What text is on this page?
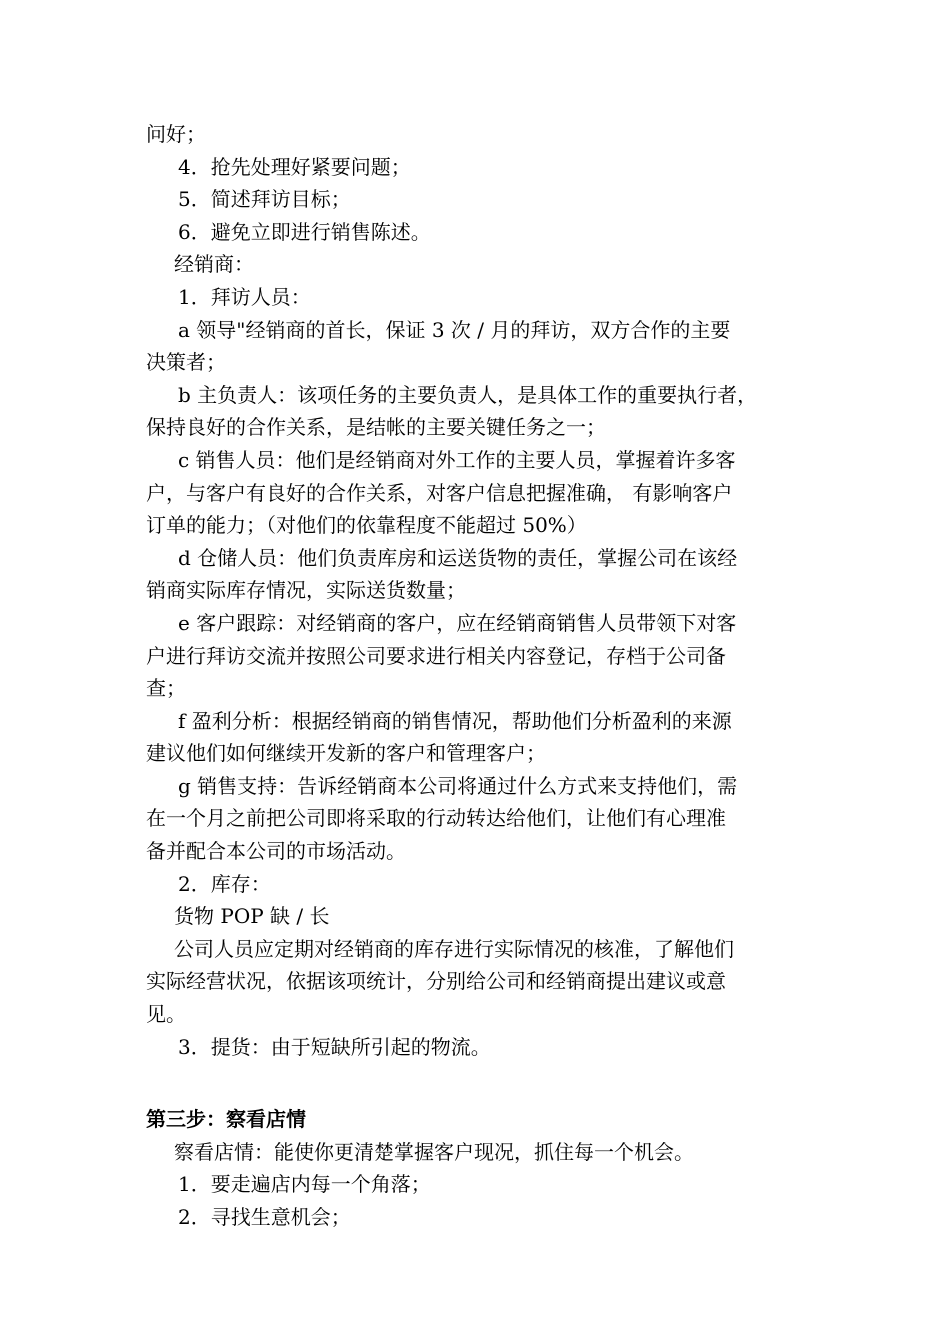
问好；
4．抢先处理好紧要问题；
5．简述拜访目标；
6．避免立即进行销售陈述。
经销商：
1．拜访人员：
a 领导"经销商的首长，保证 3 次 / 月的拜访，双方合作的主要
决策者；
b 主负责人：该项任务的主要负责人，是具体工作的重要执行者，
保持良好的合作关系，是结帐的主要关键任务之一；
c 销售人员：他们是经销商对外工作的主要人员，掌握着许多客
户，与客户有良好的合作关系，对客户信息把握准确， 有影响客户
订单的能力；（对他们的依靠程度不能超过 50%）
d 仓储人员：他们负责库房和运送货物的责任，掌握公司在该经
销商实际库存情况，实际送货数量；
e 客户跟踪：对经销商的客户，应在经销商销售人员带领下对客
户进行拜访交流并按照公司要求进行相关内容登记，存档于公司备
查；
f 盈利分析：根据经销商的销售情况，帮助他们分析盈利的来源
建议他们如何继续开发新的客户和管理客户；
g 销售支持：告诉经销商本公司将通过什么方式来支持他们，需
在一个月之前把公司即将采取的行动转达给他们，让他们有心理准
备并配合本公司的市场活动。
2．库存：
货物 POP 缺 / 长
公司人员应定期对经销商的库存进行实际情况的核准，了解他们
实际经营状况，依据该项统计，分别给公司和经销商提出建议或意
见。
3．提货：由于短缺所引起的物流。
第三步：察看店情
察看店情：能使你更清楚掌握客户现况，抓住每一个机会。
1．要走遍店内每一个角落；
2．寻找生意机会；
